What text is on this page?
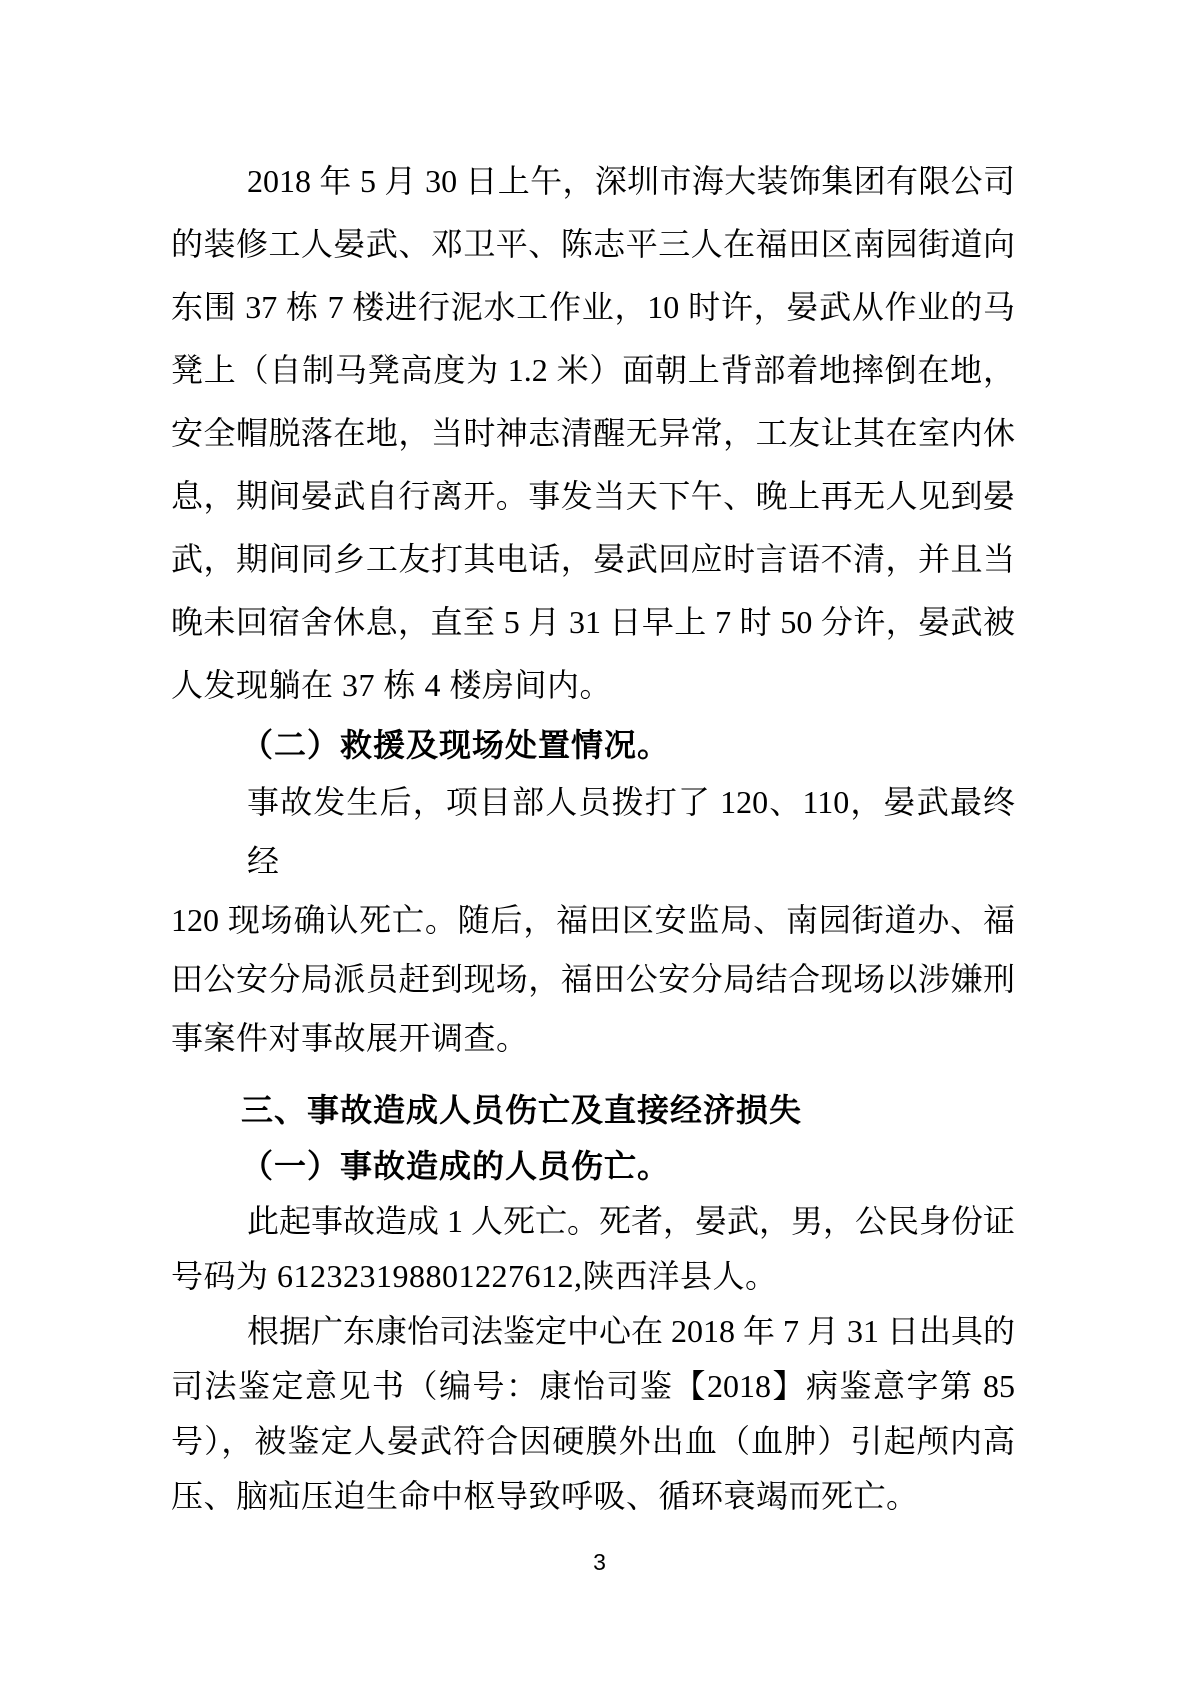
2018 年 5 月 30 日上午，深圳市海大装饰集团有限公司
的装修工人晏武、邓卫平、陈志平三人在福田区南园街道向
东围 37 栋 7 楼进行泥水工作业，10 时许，晏武从作业的马
凳上（自制马凳高度为 1.2 米）面朝上背部着地摔倒在地，
安全帽脱落在地，当时神志清醒无异常，工友让其在室内休
息，期间晏武自行离开。事发当天下午、晚上再无人见到晏
武，期间同乡工友打其电话，晏武回应时言语不清，并且当
晚未回宿舍休息，直至 5 月 31 日早上 7 时 50 分许，晏武被
人发现躺在 37 栋 4 楼房间内。
（二）救援及现场处置情况。
事故发生后，项目部人员拨打了 120、110，晏武最终经
120 现场确认死亡。随后，福田区安监局、南园街道办、福
田公安分局派员赶到现场，福田公安分局结合现场以涉嫌刑
事案件对事故展开调查。
三、事故造成人员伤亡及直接经济损失
（一）事故造成的人员伤亡。
此起事故造成 1 人死亡。死者，晏武，男，公民身份证
号码为 612323198801227612,陕西洋县人。
根据广东康怡司法鉴定中心在 2018 年 7 月 31 日出具的
司法鉴定意见书（编号：康怡司鉴【2018】病鉴意字第 85
号），被鉴定人晏武符合因硬膜外出血（血肿）引起颅内高
压、脑疝压迫生命中枢导致呼吸、循环衰竭而死亡。
3
